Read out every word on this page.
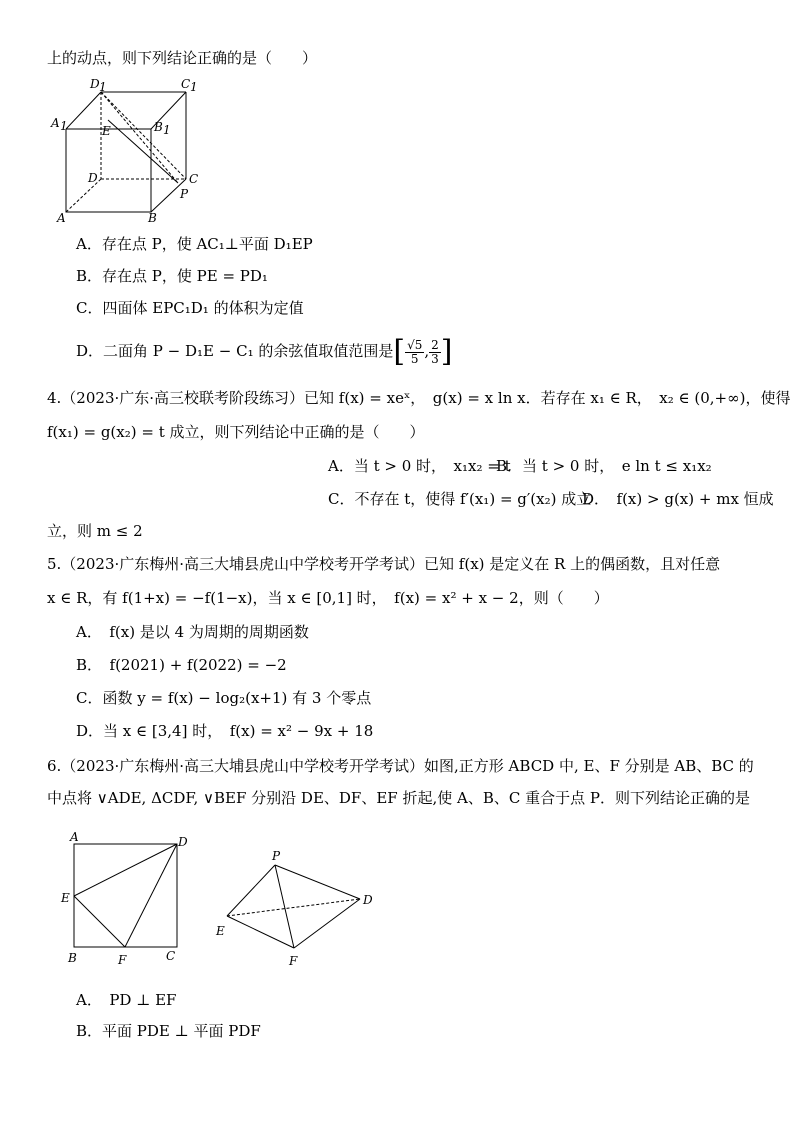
上的动点，则下列结论正确的是（　　）
D 1	C 1
A 1	B 1
E
D	C
P
A	B
A．存在点 P，使 AC₁⊥平面 D₁EP
B．存在点 P，使 PE = PD₁
C．四面体 EPC₁D₁ 的体积为定值
D．二面角 P − D₁E − C₁ 的余弦值取值范围是[ $\frac{√5}{5}$ , $\frac{2}{3}$ ]
4.（2023·广东·高三校联考阶段练习）已知 f(x) = xeˣ，　g(x) = x ln x．若存在 x₁ ∈ R，　x₂ ∈ (0,+∞)，使得
f(x₁) = g(x₂) = t 成立，则下列结论中正确的是（　　）
A．当 t > 0 时，　x₁x₂ = t
B．当 t > 0 时，　e ln t ≤ x₁x₂
C．不存在 t，使得 f′(x₁) = g′(x₂) 成立
D．　f(x) > g(x) + mx 恒成
立，则 m ≤ 2
5.（2023·广东梅州·高三大埔县虎山中学校考开学考试）已知 f(x) 是定义在 R 上的偶函数，且对任意
x ∈ R，有 f(1+x) = −f(1−x)，当 x ∈ [0,1] 时，　f(x) = x² + x − 2，则（　　）
A．　f(x) 是以 4 为周期的周期函数
B．　f(2021) + f(2022) = −2
C．函数 y = f(x) − log₂(x+1) 有 3 个零点
D．当 x ∈ [3,4] 时，　f(x) = x² − 9x + 18
6.（2023·广东梅州·高三大埔县虎山中学校考开学考试）如图,正方形 ABCD 中, E、F 分别是 AB、BC 的
中点将 ∨ADE, ΔCDF, ∨BEF 分别沿 DE、DF、EF 折起,使 A、B、C 重合于点 P．则下列结论正确的是
A	D
E
B	F	C
P
D
E
F
A．　PD ⊥ EF
B．平面 PDE ⊥ 平面 PDF
